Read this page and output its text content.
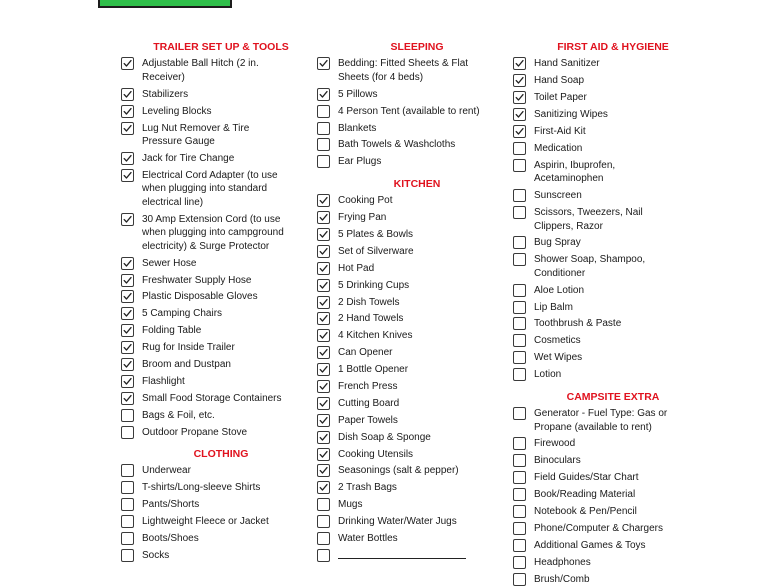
TRAILER SET UP & TOOLS
Adjustable Ball Hitch (2 in. Receiver)
Stabilizers
Leveling Blocks
Lug Nut Remover & Tire Pressure Gauge
Jack for Tire Change
Electrical Cord Adapter (to use when plugging into standard electrical line)
30 Amp Extension Cord (to use when plugging into campground electricity) & Surge Protector
Sewer Hose
Freshwater Supply Hose
Plastic Disposable Gloves
5 Camping Chairs
Folding Table
Rug for Inside Trailer
Broom and Dustpan
Flashlight
Small Food Storage Containers
Bags & Foil, etc.
Outdoor Propane Stove
CLOTHING
Underwear
T-shirts/Long-sleeve Shirts
Pants/Shorts
Lightweight Fleece or Jacket
Boots/Shoes
Socks
SLEEPING
Bedding: Fitted Sheets & Flat Sheets (for 4 beds)
5 Pillows
4 Person Tent (available to rent)
Blankets
Bath Towels & Washcloths
Ear Plugs
KITCHEN
Cooking Pot
Frying Pan
5 Plates & Bowls
Set of Silverware
Hot Pad
5 Drinking Cups
2 Dish Towels
2 Hand Towels
4 Kitchen Knives
Can Opener
1 Bottle Opener
French Press
Cutting Board
Paper Towels
Dish Soap & Sponge
Cooking Utensils
Seasonings (salt & pepper)
2 Trash Bags
Mugs
Drinking Water/Water Jugs
Water Bottles
FIRST AID & HYGIENE
Hand Sanitizer
Hand Soap
Toilet Paper
Sanitizing Wipes
First-Aid Kit
Medication
Aspirin, Ibuprofen, Acetaminophen
Sunscreen
Scissors, Tweezers, Nail Clippers, Razor
Bug Spray
Shower Soap, Shampoo, Conditioner
Aloe Lotion
Lip Balm
Toothbrush & Paste
Cosmetics
Wet Wipes
Lotion
CAMPSITE EXTRA
Generator - Fuel Type: Gas or Propane (available to rent)
Firewood
Binoculars
Field Guides/Star Chart
Book/Reading Material
Notebook & Pen/Pencil
Phone/Computer & Chargers
Additional Games & Toys
Headphones
Brush/Comb
